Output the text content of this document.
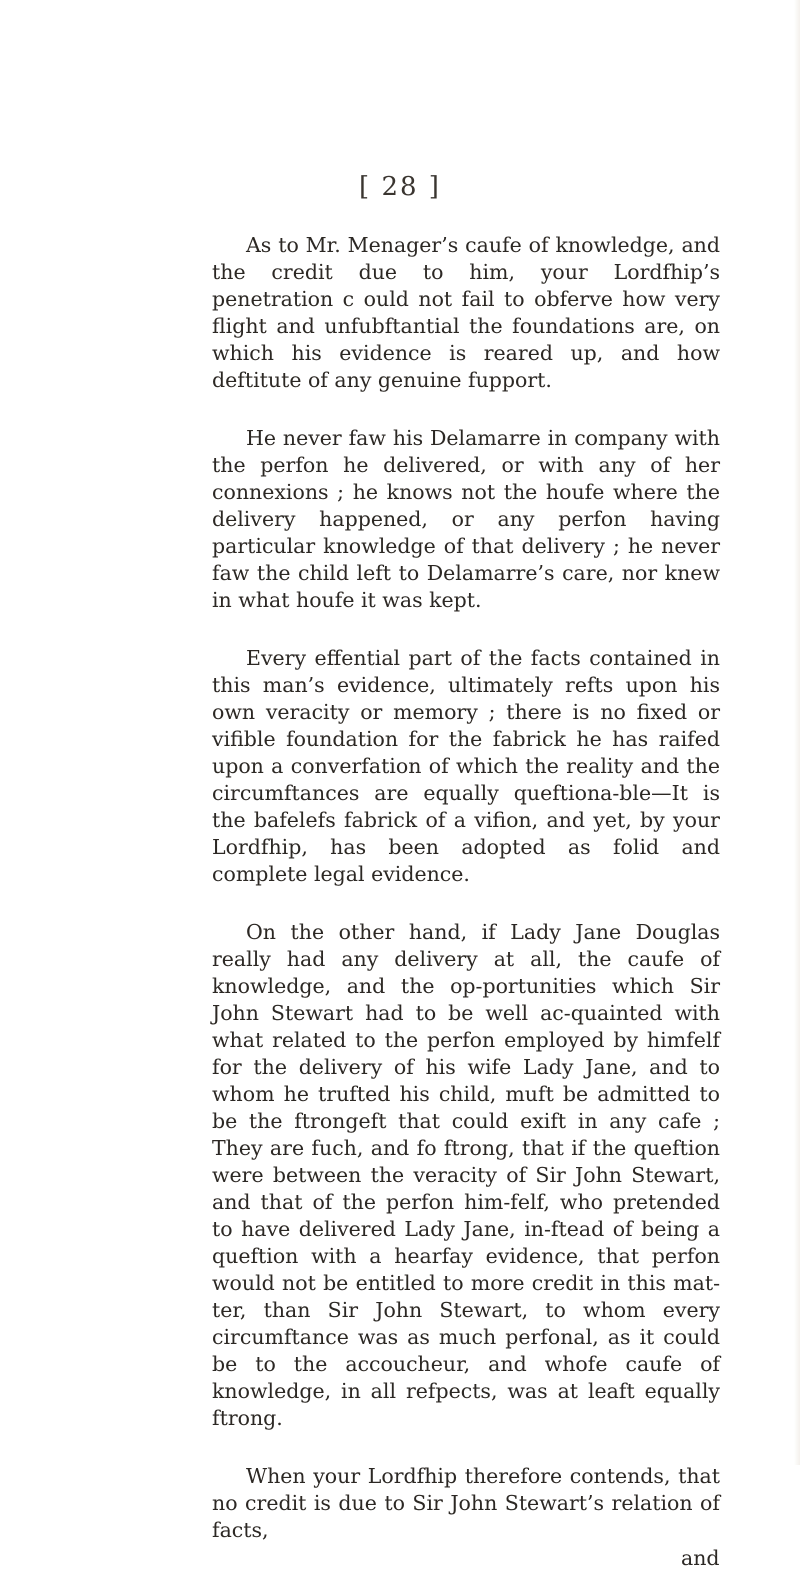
[ 28 ]

As to Mr. Menager’s caufe of knowledge, and the credit due to him, your Lordfhip’s penetration c ould not fail to obferve how very flight and unfubftantial the foundations are, on which his evidence is reared up, and how deftitute of any genuine fupport.

He never faw his Delamarre in company with the perfon he delivered, or with any of her connexions ; he knows not the houfe where the delivery happened, or any perfon having particular knowledge of that delivery ; he never faw the child left to Delamarre’s care, nor knew in what houfe it was kept.

Every effential part of the facts contained in this man’s evidence, ultimately refts upon his own veracity or memory ; there is no fixed or vifible foundation for the fabrick he has raifed upon a converfation of which the reality and the circumftances are equally queftiona-ble—It is the bafelefs fabrick of a vifion, and yet, by your Lordfhip, has been adopted as folid and complete legal evidence.

On the other hand, if Lady Jane Douglas really had any delivery at all, the caufe of knowledge, and the op-portunities which Sir John Stewart had to be well ac-quainted with what related to the perfon employed by himfelf for the delivery of his wife Lady Jane, and to whom he trufted his child, muft be admitted to be the ftrongeft that could exift in any cafe ; They are fuch, and fo ftrong, that if the queftion were between the veracity of Sir John Stewart, and that of the perfon him-felf, who pretended to have delivered Lady Jane, in-ftead of being a queftion with a hearfay evidence, that perfon would not be entitled to more credit in this mat-ter, than Sir John Stewart, to whom every circumftance was as much perfonal, as it could be to the accoucheur, and whofe caufe of knowledge, in all refpects, was at leaft equally ftrong.

When your Lordfhip therefore contends, that no credit is due to Sir John Stewart’s relation of facts,

and
